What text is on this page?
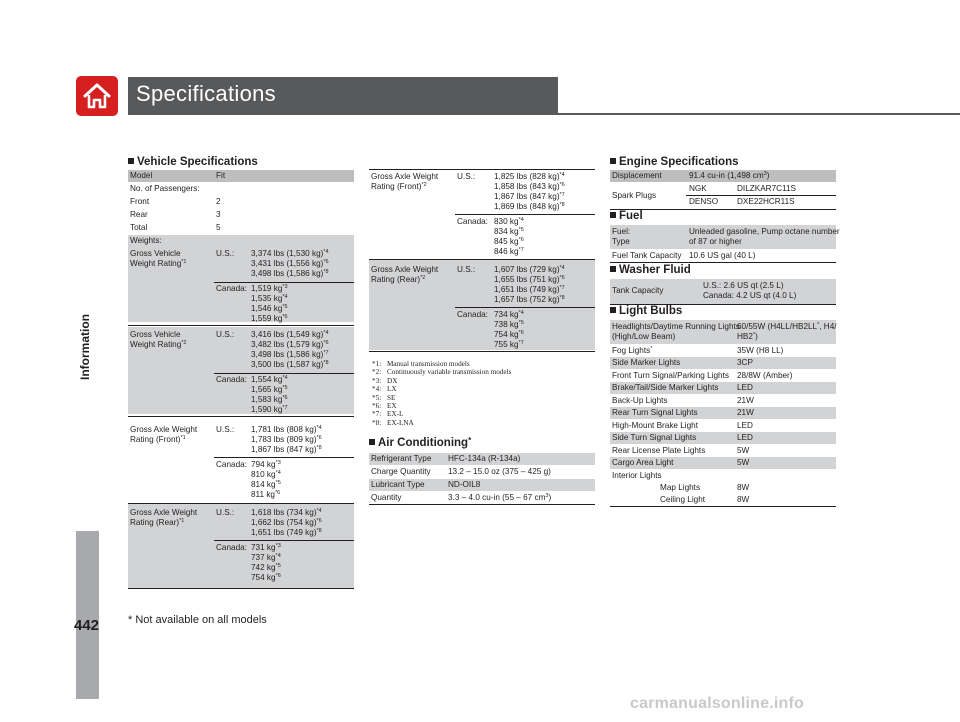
Specifications
Information
442
Vehicle Specifications
Model	Fit
No. of Passengers:
Front	2
Rear	3
Total	5
Weights:
Gross Vehicle
Weight Rating$^{*1}$
U.S.: 3,374 lbs (1,530 kg)$^{*4}$
3,431 lbs (1,556 kg)$^{*6}$
3,498 lbs (1,586 kg)$^{*8}$
Canada: 1,519 $kg^{*3}$
1,535 $kg^{*4}$
1,546 $kg^{*5}$
1,559 $kg^{*6}$
Gross Vehicle
Weight Rating$^{*2}$
U.S.: 3,416 lbs (1,549 kg)$^{*4}$
3,482 lbs (1,579 kg)$^{*6}$
3,498 lbs (1,586 kg)$^{*7}$
3,500 lbs (1,587 kg)$^{*8}$
Canada: 1,554 $kg^{*4}$
1,565 $kg^{*5}$
1,583 $kg^{*6}$
1,590 $kg^{*7}$
Gross Axle Weight
Rating (Front)$^{*1}$
U.S.: 1,781 lbs (808 kg)$^{*4}$
1,783 lbs (809 kg)$^{*6}$
1,867 lbs (847 kg)$^{*8}$
Canada: 794 $kg^{*3}$
810 $kg^{*4}$
814 $kg^{*5}$
811 $kg^{*6}$
Gross Axle Weight
Rating (Rear)$^{*1}$
U.S.: 1,618 lbs (734 kg)$^{*4}$
1,662 lbs (754 kg)$^{*6}$
1,651 lbs (749 kg)$^{*8}$
Canada: 731 $kg^{*3}$
737 $kg^{*4}$
742 $kg^{*5}$
754 $kg^{*6}$
Gross Axle Weight
Rating (Front)$^{*2}$
U.S.: 1,825 lbs (828 kg)$^{*4}$
1,858 lbs (843 kg)$^{*6}$
1,867 lbs (847 kg)$^{*7}$
1,869 lbs (848 kg)$^{*8}$
Canada: 830 $kg^{*4}$
834 $kg^{*5}$
845 $kg^{*6}$
846 $kg^{*7}$
Gross Axle Weight
Rating (Rear)$^{*2}$
U.S.: 1,607 lbs (729 kg)$^{*4}$
1,655 lbs (751 kg)$^{*6}$
1,651 lbs (749 kg)$^{*7}$
1,657 lbs (752 kg)$^{*8}$
Canada: 734 $kg^{*4}$
738 $kg^{*5}$
754 $kg^{*6}$
755 $kg^{*7}$
*1: Manual transmission models
*2: Continuously variable transmission models
*3: DX
*4: LX
*5: SE
*6: EX
*7: EX-L
*8: EX-LNA
Air Conditioning*
Refrigerant Type HFC-134a (R-134a)
Charge Quantity 13.2 – 15.0 oz (375 – 425 g)
Lubricant Type	ND-OIL8
Quantity	3.3 – 4.0 cu-in (55 – 67 $cm^3$)
Engine Specifications
Displacement	91.4 cu-in (1,498 $cm^3$)
Spark Plugs
NGK	DILZKAR7C11S
DENSO DXE22HCR11S
Fuel
Fuel:
Type
Unleaded gasoline, Pump octane number
of 87 or higher
Fuel Tank Capacity 10.6 US gal (40 L)
Washer Fluid
Tank Capacity
U.S.: 2.6 US qt (2.5 L)
Canada: 4.2 US qt (4.0 L)
Light Bulbs
Headlights/Daytime Running Lights
(High/Low Beam)
60/55W (H4LL/HB2LL*, H4/
HB2*)
Fog Lights*	35W (H8 LL)
Side Marker Lights	3CP
Front Turn Signal/Parking Lights 28/8W (Amber)
Brake/Tail/Side Marker Lights LED
Back-Up Lights	21W
Rear Turn Signal Lights	21W
High-Mount Brake Light	LED
Side Turn Signal Lights	LED
Rear License Plate Lights	5W
Cargo Area Light	5W
Interior Lights
Map Lights	8W
Ceiling Light	8W
* Not available on all models
carmanualsonline.info
